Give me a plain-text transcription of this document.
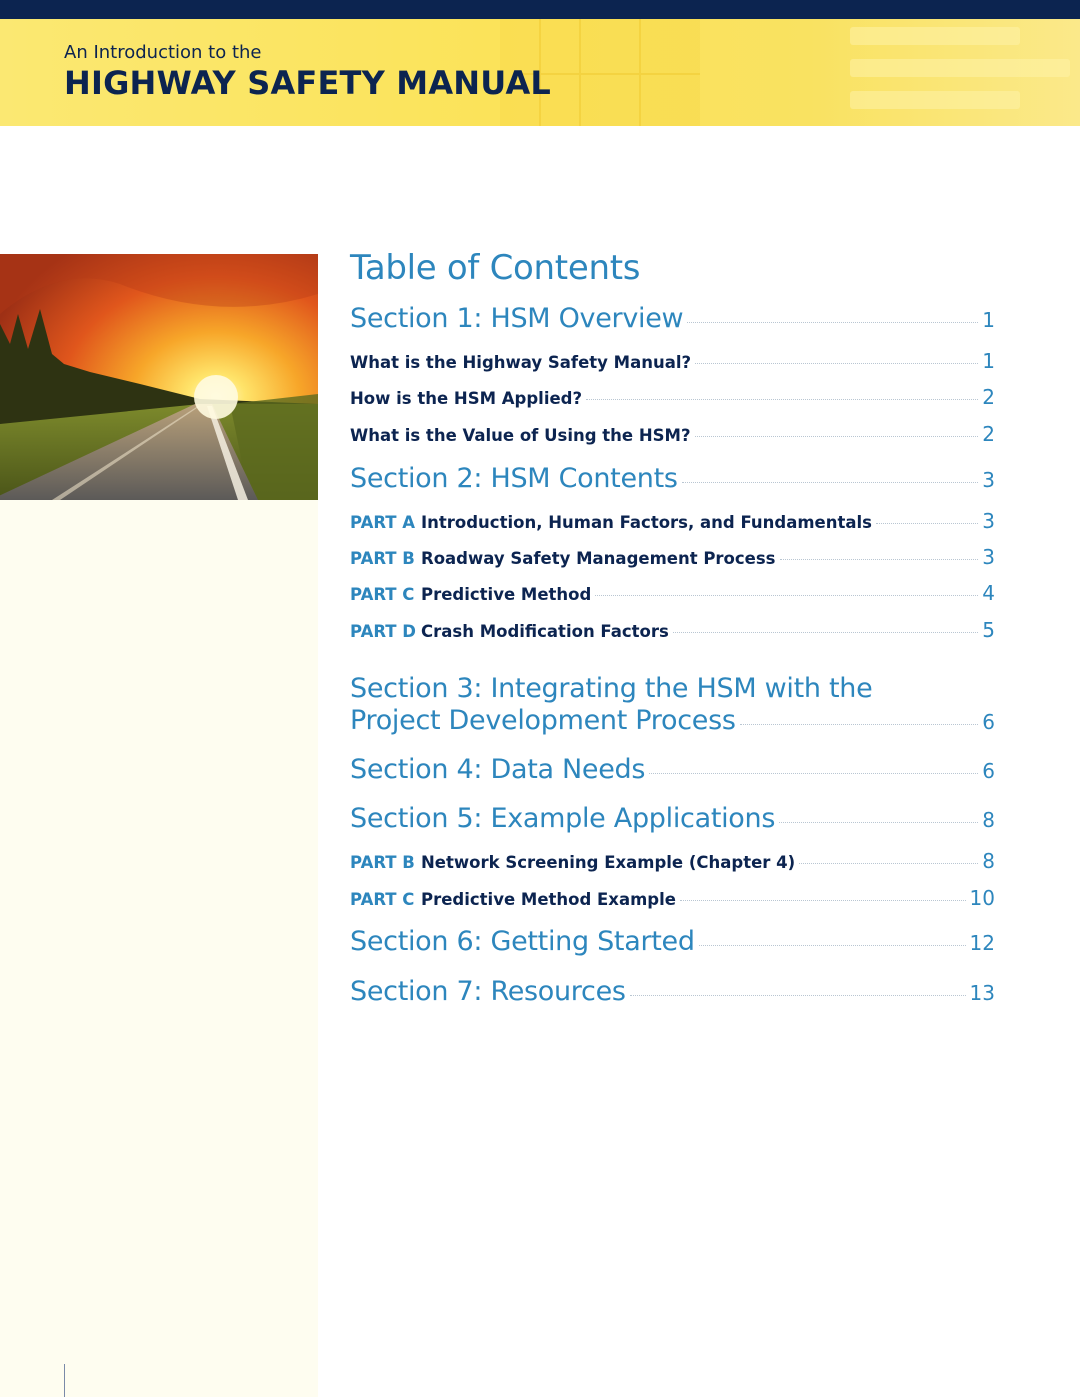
An Introduction to the
HIGHWAY SAFETY MANUAL
Table of Contents
Section 1: HSM Overview	1
What is the Highway Safety Manual?	1
How is the HSM Applied?	2
What is the Value of Using the HSM?	2
Section 2: HSM Contents	3
PART A Introduction, Human Factors, and Fundamentals	3
PART B Roadway Safety Management Process	3
PART C Predictive Method	4
PART D Crash Modification Factors	5
Section 3: Integrating the HSM with the
Project Development Process	6
Section 4: Data Needs	6
Section 5: Example Applications	8
PART B Network Screening Example (Chapter 4)	8
PART C Predictive Method Example	10
Section 6: Getting Started	12
Section 7: Resources	13
